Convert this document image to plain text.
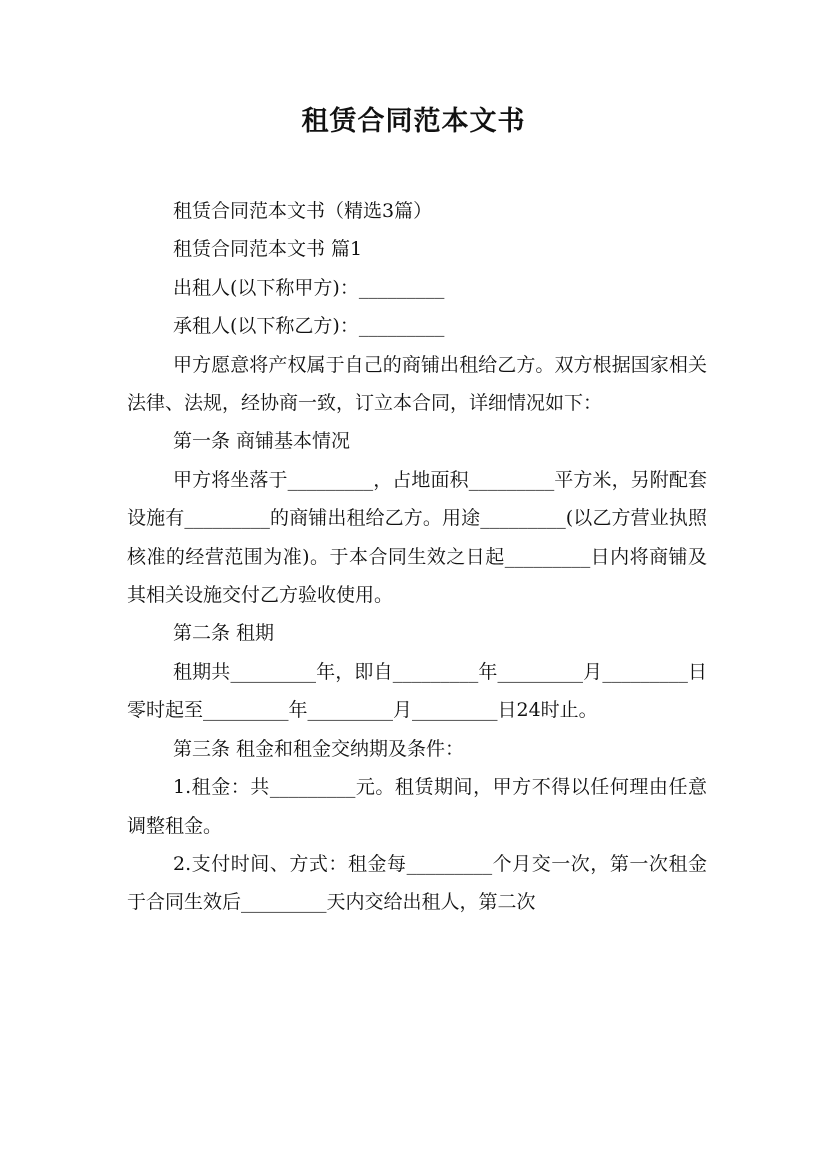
租赁合同范本文书

租赁合同范本文书（精选3篇）

租赁合同范本文书 篇1

出租人(以下称甲方)：_________

承租人(以下称乙方)：_________

甲方愿意将产权属于自己的商铺出租给乙方。双方根据国家相关法律、法规，经协商一致，订立本合同，详细情况如下：

第一条 商铺基本情况

甲方将坐落于_________，占地面积_________平方米，另附配套设施有_________的商铺出租给乙方。用途_________(以乙方营业执照核准的经营范围为准)。于本合同生效之日起_________日内将商铺及其相关设施交付乙方验收使用。

第二条 租期

租期共_________年，即自_________年_________月_________日零时起至_________年_________月_________日24时止。

第三条 租金和租金交纳期及条件：

1.租金：共_________元。租赁期间，甲方不得以任何理由任意调整租金。

2.支付时间、方式：租金每_________个月交一次，第一次租金于合同生效后_________天内交给出租人，第二次
